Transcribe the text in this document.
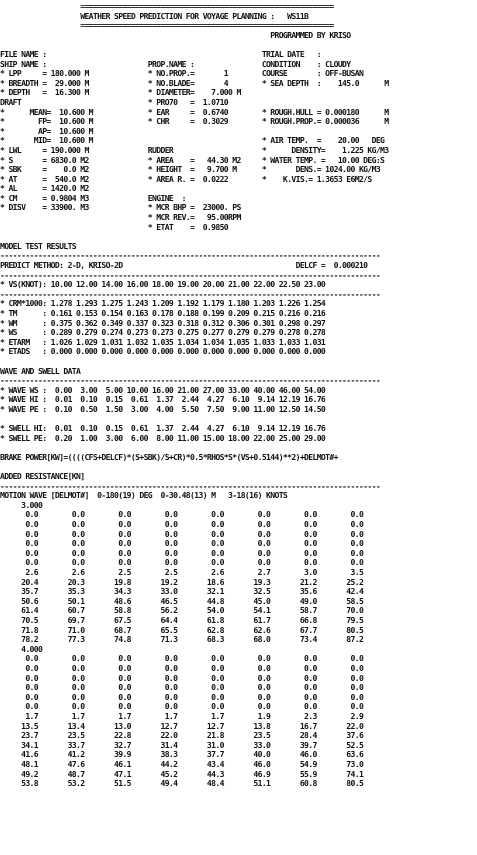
============================================================
WEATHER SPEED PREDICTION FOR VOYAGE PLANNING :   WS11B
============================================================
PROGRAMMED BY KRISO

FILE NAME :                                                   TRIAL DATE   :
SHIP NAME :                        PROP.NAME :                CONDITION    : CLOUDY
* LPP     = 180.000 M              * NO.PROP.=       1        COURSE       : OFF-BUSAN
* BREADTH =  29.000 M              * NO.BLADE=       4        * SEA DEPTH  :    145.0      M
* DEPTH   =  16.300 M              * DIAMETER=    7.000 M
DRAFT                              * PRO70   =  1.0710
*      MEAN=  10.600 M             * EAR     =  0.6740        * ROUGH.HULL = 0.000180      M
*        FP=  10.600 M             * CHR     =  0.3029        * ROUGH.PROP.= 0.000036      M
*        AP=  10.600 M
*       MID=  10.600 M                                        * AIR TEMP.  =    20.00   DEG
* LWL     = 190.000 M              RUDDER                     *      DENSITY=    1.225 KG/M3
* S       = 6830.0 M2              * AREA    =   44.30 M2     * WATER TEMP. =   10.00 DEG:S
* SBK     =    0.0 M2              * HEIGHT  =   9.700 M      *       DENS.= 1024.00 KG/M3
* AT      =  540.0 M2              * AREA R. =  0.0222        *    K.VIS.= 1.3653 E6M2/S
* AL      = 1420.0 M2
* CM      = 0.9804 M3              ENGINE  :
* DISV    = 33900. M3              * MCR BHP =  23000. PS
* MCR REV.=   95.00RPM
* ETAT    =  0.9850

MODEL TEST RESULTS
------------------------------------------------------------------------------------------
PREDICT METHOD: 2-D, KRISO-2D                                         DELCF =  0.000210
------------------------------------------------------------------------------------------
* VS(KNOT): 10.00 12.00 14.00 16.00 18.00 19.00 20.00 21.00 22.00 22.50 23.00
------------------------------------------------------------------------------------------
* CRM*1000: 1.278 1.293 1.275 1.243 1.209 1.192 1.179 1.180 1.203 1.226 1.254
* TM      : 0.161 0.153 0.154 0.163 0.178 0.188 0.199 0.209 0.215 0.216 0.216
* WM      : 0.375 0.362 0.349 0.337 0.323 0.318 0.312 0.306 0.301 0.298 0.297
* WS      : 0.289 0.279 0.274 0.273 0.273 0.275 0.277 0.279 0.279 0.278 0.278
* ETARM   : 1.026 1.029 1.031 1.032 1.035 1.034 1.034 1.035 1.033 1.033 1.031
* ETADS   : 0.000 0.000 0.000 0.000 0.000 0.000 0.000 0.000 0.000 0.000 0.000

WAVE AND SWELL DATA
------------------------------------------------------------------------------------------
* WAVE WS :  0.00  3.00  5.00 10.00 16.00 21.00 27.00 33.00 40.00 46.00 54.00
* WAVE HI :  0.01  0.10  0.15  0.61  1.37  2.44  4.27  6.10  9.14 12.19 16.76
* WAVE PE :  0.10  0.50  1.50  3.00  4.00  5.50  7.50  9.00 11.00 12.50 14.50

* SWELL HI:  0.01  0.10  0.15  0.61  1.37  2.44  4.27  6.10  9.14 12.19 16.76
* SWELL PE:  0.20  1.00  3.00  6.00  8.00 11.00 15.00 18.00 22.00 25.00 29.00

BRAKE POWER[KW]=((((CFS+DELCF)*(S+SBK)/S+CR)*0.5*RHOS*S*(VS+0.5144)**2)+DELMOT#+

ADDED RESISTANCE[KN]
------------------------------------------------------------------------------------------
MOTION WAVE [DELMOT#]  0-180(19) DEG  0-30.48(13) M   3-18(16) KNOTS
3.000
0.0        0.0        0.0        0.0        0.0        0.0        0.0        0.0
0.0        0.0        0.0        0.0        0.0        0.0        0.0        0.0
0.0        0.0        0.0        0.0        0.0        0.0        0.0        0.0
0.0        0.0        0.0        0.0        0.0        0.0        0.0        0.0
0.0        0.0        0.0        0.0        0.0        0.0        0.0        0.0
0.0        0.0        0.0        0.0        0.0        0.0        0.0        0.0
2.6        2.6        2.5        2.5        2.6        2.7        3.0        3.5
20.4       20.3       19.8       19.2       18.6       19.3       21.2       25.2
35.7       35.3       34.3       33.0       32.1       32.5       35.6       42.4
50.6       50.1       48.6       46.5       44.8       45.0       49.0       58.5
61.4       60.7       58.8       56.2       54.0       54.1       58.7       70.0
70.5       69.7       67.5       64.4       61.8       61.7       66.8       79.5
71.8       71.0       68.7       65.5       62.8       62.6       67.7       80.5
78.2       77.3       74.8       71.3       68.3       68.0       73.4       87.2
4.000
0.0        0.0        0.0        0.0        0.0        0.0        0.0        0.0
0.0        0.0        0.0        0.0        0.0        0.0        0.0        0.0
0.0        0.0        0.0        0.0        0.0        0.0        0.0        0.0
0.0        0.0        0.0        0.0        0.0        0.0        0.0        0.0
0.0        0.0        0.0        0.0        0.0        0.0        0.0        0.0
0.0        0.0        0.0        0.0        0.0        0.0        0.0        0.0
1.7        1.7        1.7        1.7        1.7        1.9        2.3        2.9
13.5       13.4       13.0       12.7       12.7       13.8       16.7       22.0
23.7       23.5       22.8       22.0       21.8       23.5       28.4       37.6
34.1       33.7       32.7       31.4       31.0       33.0       39.7       52.5
41.6       41.2       39.9       38.3       37.7       40.0       46.0       63.6
48.1       47.6       46.1       44.2       43.4       46.0       54.9       73.0
49.2       48.7       47.1       45.2       44.3       46.9       55.9       74.1
53.8       53.2       51.5       49.4       48.4       51.1       60.8       80.5
